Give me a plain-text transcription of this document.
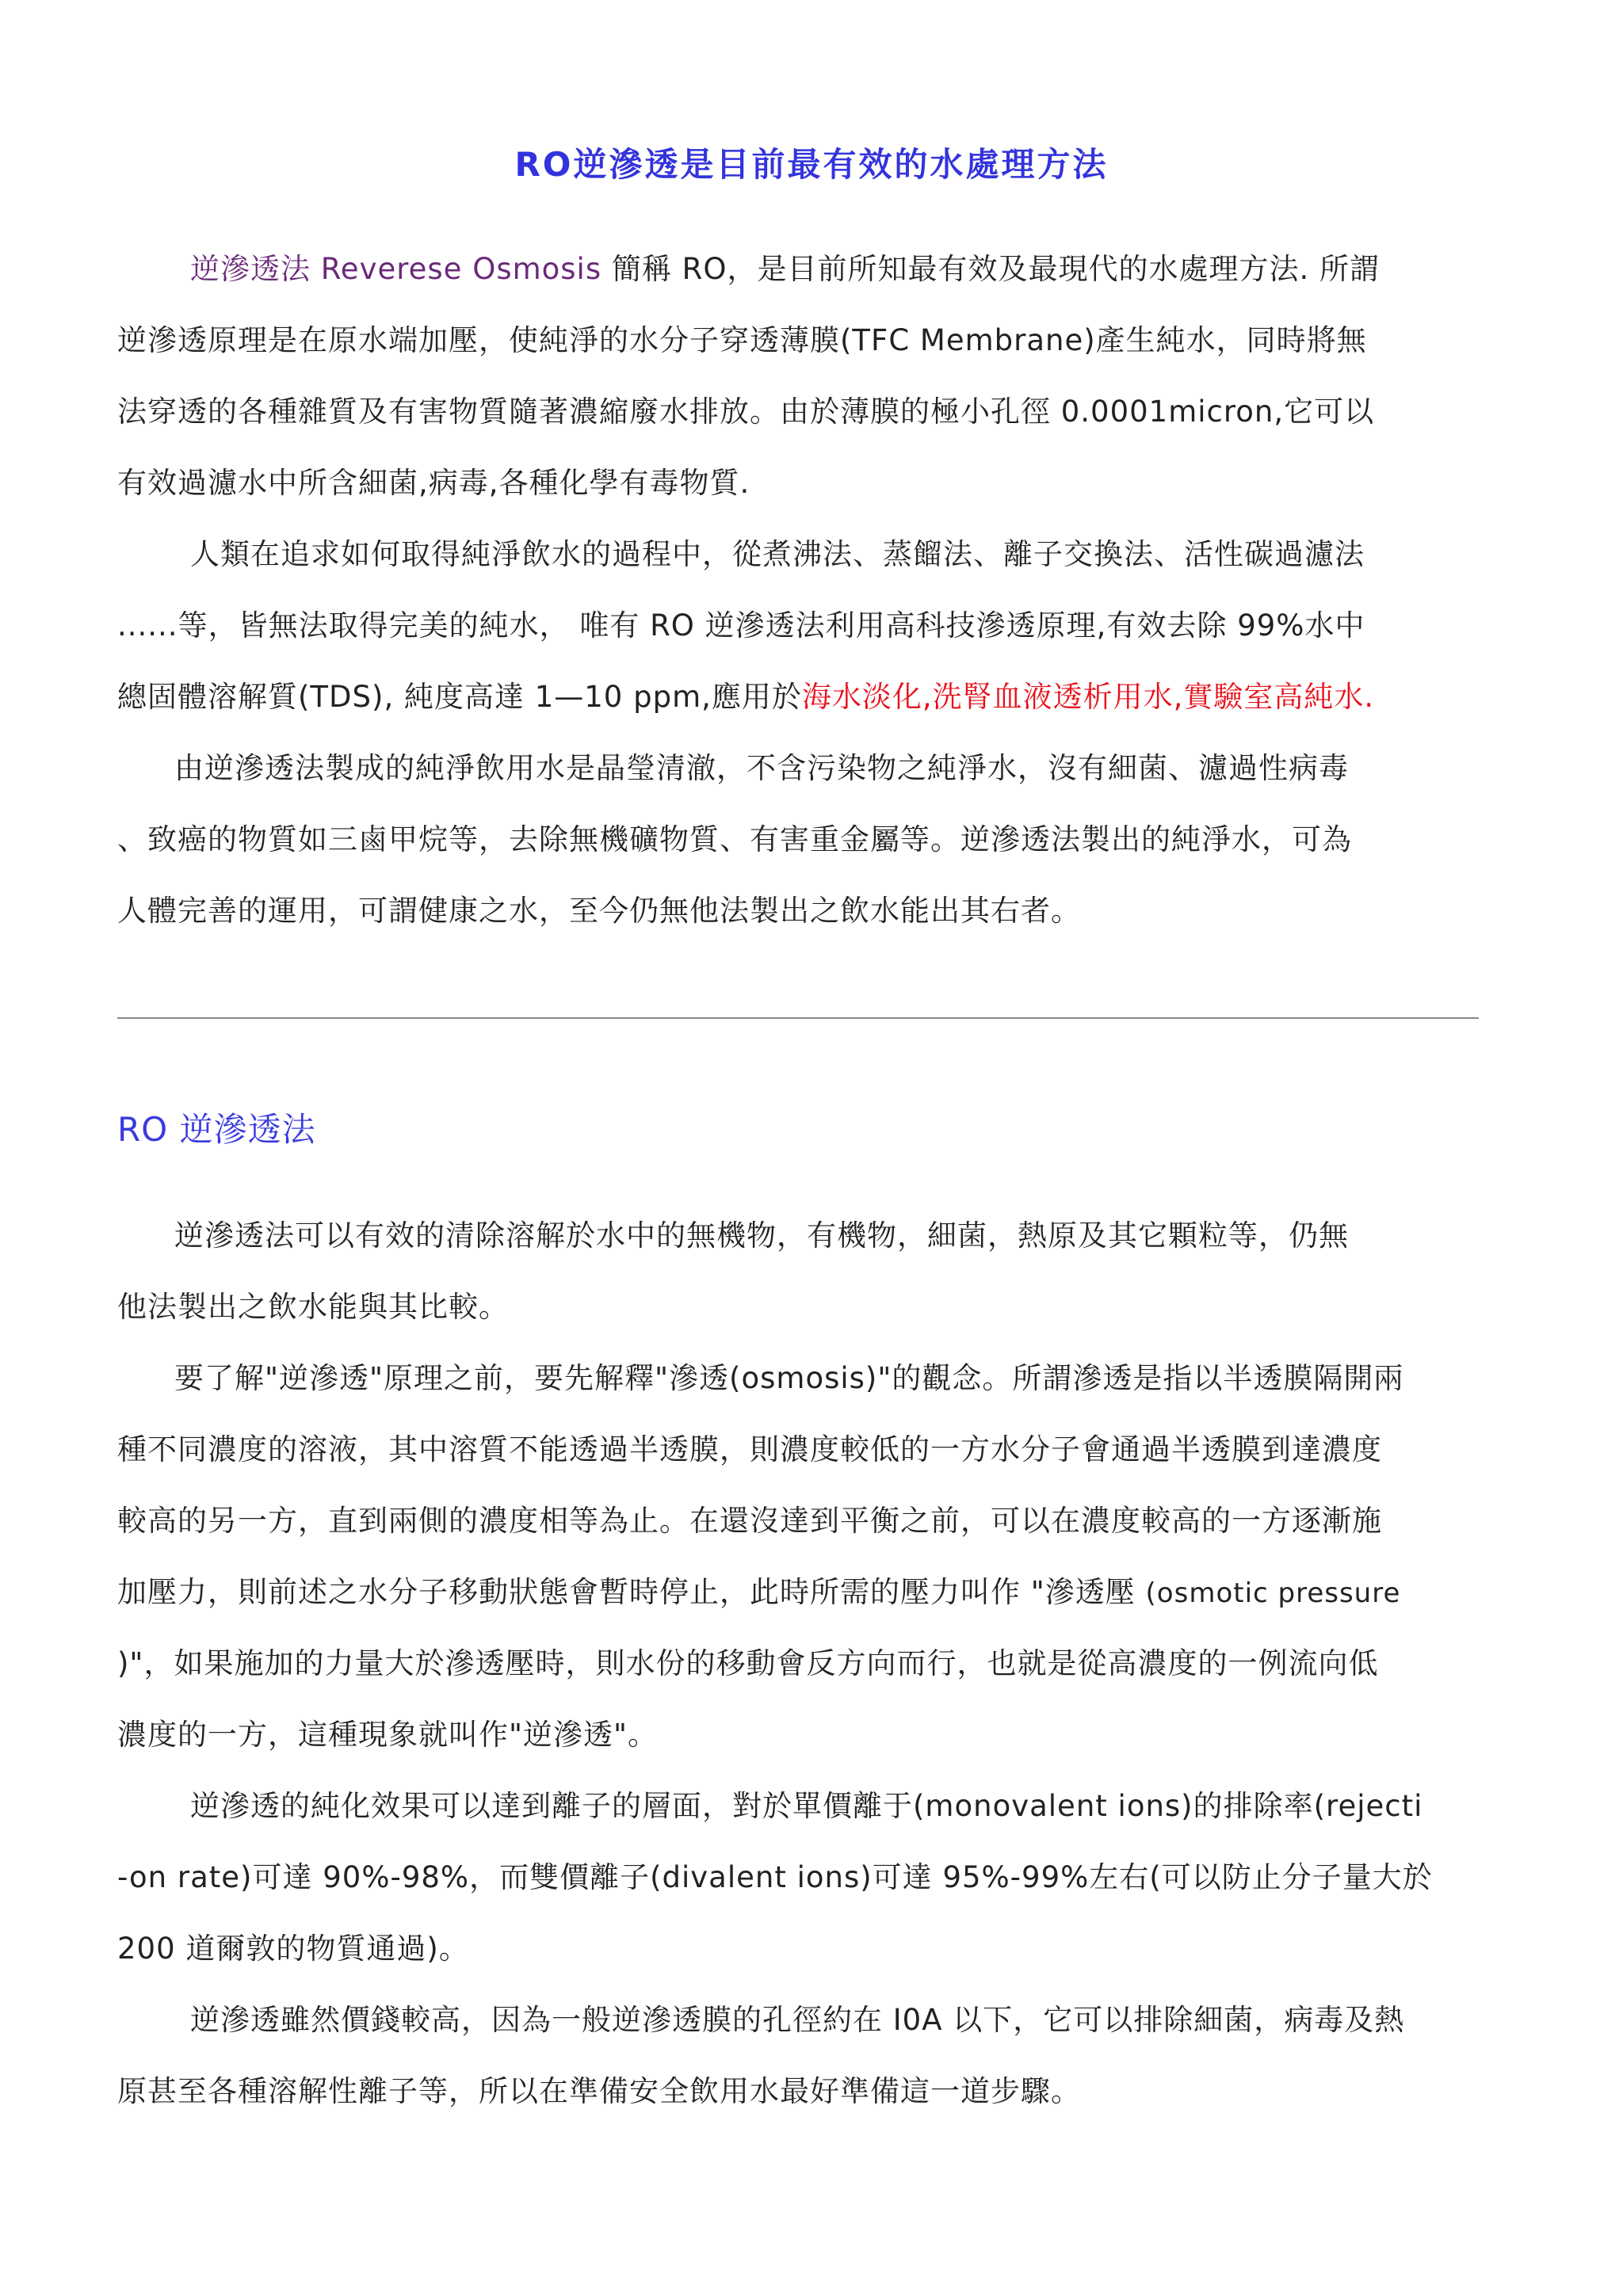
RO逆滲透是目前最有效的水處理方法
逆滲透法 Reverese Osmosis 簡稱 RO，是目前所知最有效及最現代的水處理方法. 所謂
逆滲透原理是在原水端加壓，使純淨的水分子穿透薄膜(TFC Membrane)產生純水，同時將無
法穿透的各種雜質及有害物質隨著濃縮廢水排放。由於薄膜的極小孔徑 0.0001micron,它可以
有效過濾水中所含細菌,病毒,各種化學有毒物質.
人類在追求如何取得純淨飲水的過程中，從煮沸法、蒸餾法、離子交換法、活性碳過濾法
......等，皆無法取得完美的純水， 唯有 RO 逆滲透法利用高科技滲透原理,有效去除 99%水中
總固體溶解質(TDS), 純度高達 1—10 ppm,應用於海水淡化,洗腎血液透析用水,實驗室高純水.
由逆滲透法製成的純淨飲用水是晶瑩清澈，不含污染物之純淨水，沒有細菌、濾過性病毒
、致癌的物質如三鹵甲烷等，去除無機礦物質、有害重金屬等。逆滲透法製出的純淨水，可為
人體完善的運用，可謂健康之水，至今仍無他法製出之飲水能出其右者。
RO 逆滲透法
逆滲透法可以有效的清除溶解於水中的無機物，有機物，細菌，熱原及其它顆粒等，仍無
他法製出之飲水能與其比較。
要了解"逆滲透"原理之前，要先解釋"滲透(osmosis)"的觀念。所謂滲透是指以半透膜隔開兩
種不同濃度的溶液，其中溶質不能透過半透膜，則濃度較低的一方水分子會通過半透膜到達濃度
較高的另一方，直到兩側的濃度相等為止。在還沒達到平衡之前，可以在濃度較高的一方逐漸施
加壓力，則前述之水分子移動狀態會暫時停止，此時所需的壓力叫作 "滲透壓 (osmotic pressure
)"，如果施加的力量大於滲透壓時，則水份的移動會反方向而行，也就是從高濃度的一例流向低
濃度的一方，這種現象就叫作"逆滲透"。
逆滲透的純化效果可以達到離子的層面，對於單價離于(monovalent ions)的排除率(rejecti
-on rate)可達 90%-98%，而雙價離子(divalent ions)可達 95%-99%左右(可以防止分子量大於
200 道爾敦的物質通過)。
逆滲透雖然價錢較高，因為一般逆滲透膜的孔徑約在 I0A 以下，它可以排除細菌，病毒及熱
原甚至各種溶解性離子等，所以在準備安全飲用水最好準備這一道步驟。
